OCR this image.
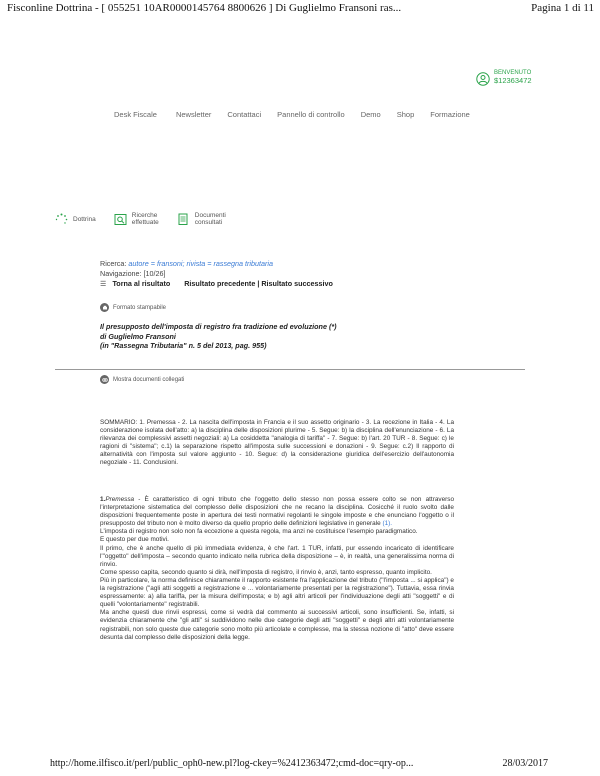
Fisconline Dottrina - [ 055251 10AR0000145764 8800626 ] Di Guglielmo Fransoni ras...	Pagina 1 di 11
BENVENUTO
$12363472
Desk Fiscale	Newsletter Contattaci Pannello di controllo Demo Shop Formazione
Dottrina	Ricerche
effettuate
Documenti
consultati
Ricerca: autore = fransoni; rivista = rassegna tributaria
Navigazione: [10/26]
☰ Torna al risultato Risultato precedente | Risultato successivo
Formato stampabile
Il presupposto dell'imposta di registro fra tradizione ed evoluzione (*)
di Guglielmo Fransoni
(in "Rassegna Tributaria" n. 5 del 2013, pag. 955)
Mostra documenti collegati
SOMMARIO: 1. Premessa - 2. La nascita dell'imposta in Francia e il suo assetto originario - 3. La recezione in Italia - 4. La considerazione isolata dell'atto: a) la disciplina delle disposizioni plurime - 5. Segue: b) la disciplina dell'enunciazione - 6. La rilevanza dei complessivi assetti negoziali: a) La cosiddetta "analogia di tariffa" - 7. Segue: b) l'art. 20 TUR - 8. Segue: c) le ragioni di "sistema"; c.1) la separazione rispetto all'imposta sulle successioni e donazioni - 9. Segue: c.2) Il rapporto di alternatività con l'imposta sul valore aggiunto - 10. Segue: d) la considerazione giuridica dell'esercizio dell'autonomia negoziale - 11. Conclusioni.

1.Premessa - È caratteristico di ogni tributo che l'oggetto dello stesso non possa essere colto se non attraverso l'interpretazione sistematica del complesso delle disposizioni che ne recano la disciplina. Cosicché il ruolo svolto dalle disposizioni frequentemente poste in apertura dei testi normativi regolanti le singole imposte e che enunciano l'oggetto o il presupposto del tributo non è molto diverso da quello proprio delle definizioni legislative in generale (1).

L'imposta di registro non solo non fa eccezione a questa regola, ma anzi ne costituisce l'esempio paradigmatico.

E questo per due motivi.

Il primo, che è anche quello di più immediata evidenza, è che l'art. 1 TUR, infatti, pur essendo incaricato di identificare l'"oggetto" dell'imposta – secondo quanto indicato nella rubrica della disposizione – è, in realtà, una generalissima norma di rinvio.

Come spesso capita, secondo quanto si dirà, nell'imposta di registro, il rinvio è, anzi, tanto espresso, quanto implicito.

Più in particolare, la norma definisce chiaramente il rapporto esistente fra l'applicazione del tributo ("l'imposta ... si applica") e la registrazione ("agli atti soggetti a registrazione e ... volontariamente presentati per la registrazione"). Tuttavia, essa rinvia espressamente: a) alla tariffa, per la misura dell'imposta; e b) agli altri articoli per l'individuazione degli atti "soggetti" e di quelli "volontariamente" registrabili.

Ma anche questi due rinvii espressi, come si vedrà dal commento ai successivi articoli, sono insufficienti. Se, infatti, si evidenzia chiaramente che "gli atti" si suddividono nelle due categorie degli atti "soggetti" e degli altri atti volontariamente registrabili, non solo queste due categorie sono molto più articolate e complesse, ma la stessa nozione di "atto" deve essere desunta dal complesso delle disposizioni della legge.

http://home.ilfisco.it/perl/public_oph0-new.pl?log-ckey=%2412363472;cmd-doc=qry-op...	28/03/2017
